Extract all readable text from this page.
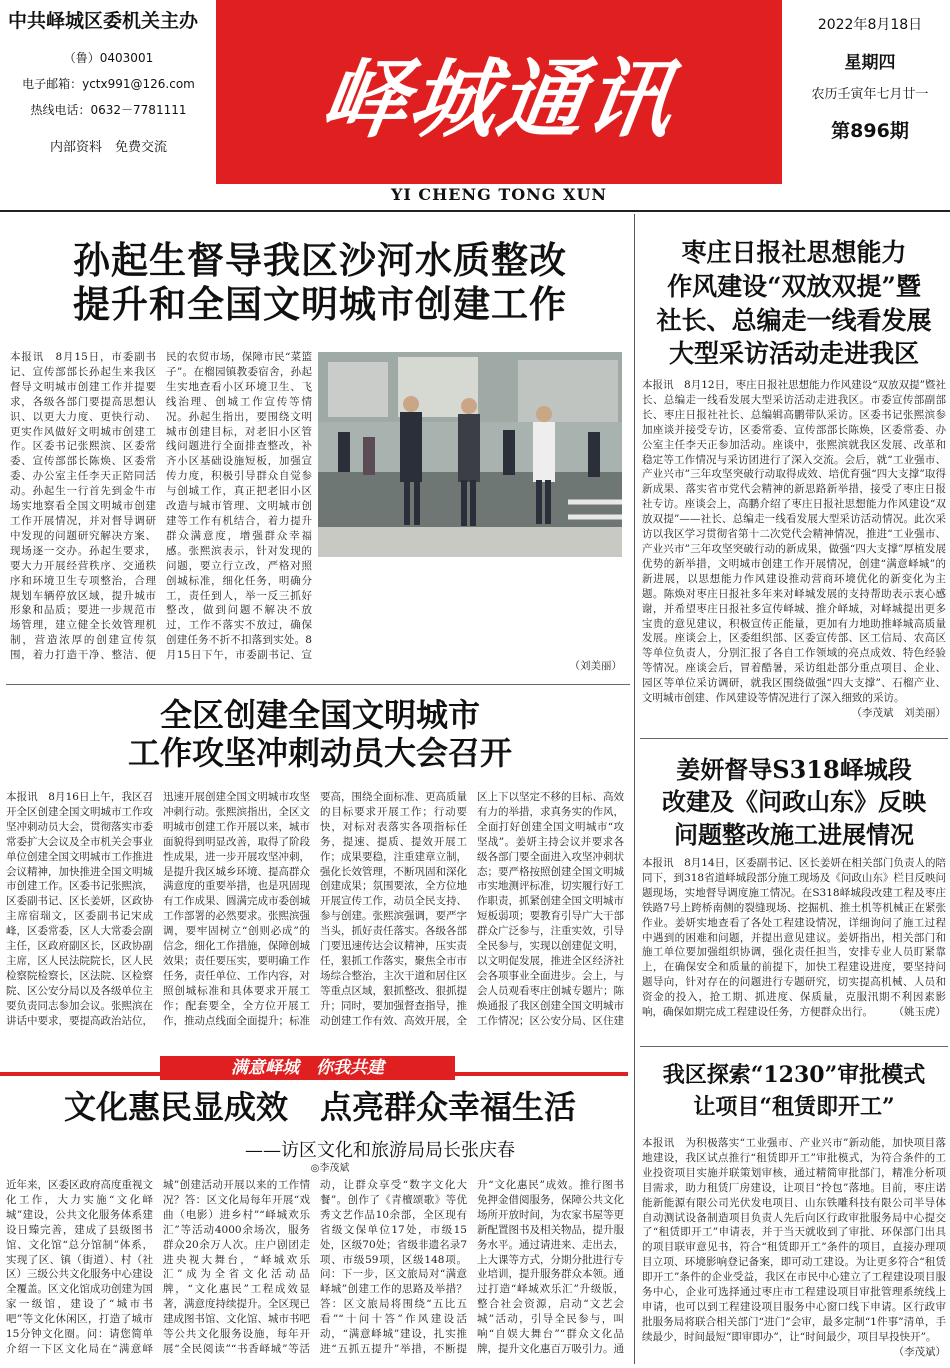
中共峄城区委机关主办
（鲁）0403001
电子邮箱：yctx991@126.com
热线电话：0632－7781111
内部资料　免费交流	峄城通讯
YI CHENG TONG XUN
2022年8月18日
星期四
农历壬寅年七月廿一
第896期
孙起生督导我区沙河水质整改
提升和全国文明城市创建工作
本报讯　8月15日，市委副书记、宣传部部长孙起生来我区督导文明城市创建工作并提要求，各级各部门要提高思想认识、以更大力度、更快行动、更实作风做好文明城市创建工作。区委书记张熙滨、区委常委、宣传部部长陈焕、区委常委、办公室主任李天正陪同活动。孙起生一行首先到金牛市场实地察看全国文明城市创建工作开展情况，并对督导调研中发现的问题研究解决方案、现场逐一交办。孙起生要求，要大力开展经营秩序、交通秩序和环境卫生专项整治，合理规划车辆停放区域，提升城市形象和品质；要进一步规范市场管理，建立健全长效管理机制，营造浓厚的创建宣传氛围，着力打造干净、整洁、便民的农贸市场，保障市民“菜篮子”。在榴园镇教委宿舍，孙起生实地查看小区环境卫生、飞线治理、创城工作宣传等情况。孙起生指出，要围绕文明城市创建目标，对老旧小区管线问题进行全面排查整改，补齐小区基础设施短板，加强宣传力度，积极引导群众自觉参与创城工作，真正把老旧小区改造与城市管理、文明城市创建等工作有机结合，着力提升群众满意度，增强群众幸福感。张熙滨表示，针对发现的问题，要立行立改，严格对照创城标准，细化任务，明确分工，责任到人，举一反三抓好整改，做到问题不解决不放过，工作不落实不放过，确保创建任务不折不扣落到实处。8月15日下午，市委副书记、宣
（刘美丽）
全区创建全国文明城市
工作攻坚冲刺动员大会召开
本报讯　8月16日上午，我区召开全区创建全国文明城市工作攻坚冲刺动员大会，贯彻落实市委常委扩大会议及全市机关会事业单位创建全国文明城市工作推进会议精神，加快推进全国文明城市创建工作。区委书记张熙滨，区委副书记、区长姜妍，区政协主席宿瑞文，区委副书记宋成峰，区委常委，区人大常委会副主任，区政府副区长，区政协副主席，区人民法院院长，区人民检察院检察长，区法院、区检察院、区公安分局以及各级单位主要负责同志参加会议。张熙滨在讲话中要求，要提高政治站位，迅速开展创建全国文明城市攻坚冲刺行动。张熙滨指出，全区文明城市创建工作开展以来，城市面貌得到明显改善，取得了阶段性成果，进一步开展攻坚冲刺，是提升我区城乡环境、提高群众满意度的重要举措，也是巩固现有工作成果、圆满完成市委创城工作部署的必然要求。张熙滨强调，要牢固树立“创则必成”的信念，细化工作措施，保障创城效果；责任要压实，要明确工作任务，责任单位、工作内容，对照创城标准和具体要求开展工作；配套要全，全方位开展工作，推动点线面全面提升；标准要高，围绕全面标准、更高质量的目标要求开展工作；行动要快，对标对表落实各项指标任务，提速、提质、提效开展工作；成果要稳，注重建章立制，强化长效管理，不断巩固和深化创建成果；氛围要浓，全方位地开展宣传工作，动员全民支持、参与创建。张熙滨强调，要严字当头，抓好责任落实。各级各部门要迅速传达会议精神，压实责任，狠抓工作落实，聚焦全市市场综合整治，主次干道和居住区等重点区域，狠抓整改、狠抓提升；同时，要加强督查指导，推动创建工作有效、高效开展，全区上下以坚定不移的目标、高效有力的举措，求真务实的作风，全面打好创建全国文明城市“攻坚战”。姜妍主持会议并要求各级各部门要全面进入攻坚冲刺状态；要严格按照创建全国文明城市实地测评标准，切实履行好工作职责，抓紧创建全国文明城市短板弱项；要教育引导广大干部群众广泛参与，注重实效，引导全民参与，实现以创建促文明，以文明促发展，推进全区经济社会各项事业全面进步。会上，与会人员观看枣庄创城专题片；陈焕通报了我区创建全国文明城市工作情况；区公安分局、区住建
满意峄城　你我共建
文化惠民显成效　点亮群众幸福生活
——访区文化和旅游局局长张庆春
◎李茂斌
近年来，区委区政府高度重视文化工作，大力实施“文化峄城”建设，公共文化服务体系建设日臻完善，建成了县级图书馆、文化馆“总分馆制”体系，实现了区、镇（街道）、村（社区）三级公共文化服务中心建设全覆盖。区文化馆成功创建为国家一级馆，建设了“城市书吧”等文化休闲区，打造了城市15分钟文化圈。问：请您简单介绍一下区文化局在“满意峄城”创建活动开展以来的工作情况？答：区文化局每年开展“戏曲（电影）进乡村”“峄城欢乐汇”等活动4000余场次，服务群众20余万人次。庄户剧团走进央视大舞台，“峄城欢乐汇”成为全省文化活动品牌，“文化惠民”工程成效显著，满意度持续提升。全区现已建成图书馆、文化馆、城市书吧等公共文化服务设施，每年开展“全民阅读”“书香峄城”等活动，让群众享受“数字文化大餐”。创作了《青檀颂歌》等优秀文艺作品10余部，全区现有省级文保单位17处，市级15处，区级70处；省级非遗名录7项、市级59项，区级148项。问：下一步，区文旅局对“满意峄城”创建工作的思路及举措？答：区文旅局将围绕“五比五看”“十问十答”作风建设活动，“满意峄城”建设，扎实推进“五抓五提升”举措，不断提升“文化惠民”成效。推行图书免押金借阅服务，保障公共文化场所开放时间，为农家书屋等更新配置图书及相关物品，提升服务水平。通过请进来、走出去，上大课等方式，分期分批进行专业培训，提升服务群众本领。通过打造“峄城欢乐汇”升级版，整合社会资源，启动“文艺会城”活动，引导全民参与，叫响“自娱大舞台”“群众文化品牌，提升文化惠百万吸引力。通
枣庄日报社思想能力
作风建设“双放双提”暨
社长、总编走一线看发展
大型采访活动走进我区
本报讯　8月12日，枣庄日报社思想能力作风建设“双放双提”暨社长、总编走一线看发展大型采访活动走进我区。市委宣传部副部长、枣庄日报社社长、总编辑高鹏带队采访。区委书记张熙滨参加座谈并接受专访，区委常委、宣传部部长陈焕，区委常委、办公室主任李天正参加活动。座谈中，张熙滨就我区发展、改革和稳定等工作情况与采访团进行了深入交流。会后，就“工业强市、产业兴市”三年攻坚突破行动取得成效、培优育强“四大支撑”取得新成果、落实省市党代会精神的新思路新举措，接受了枣庄日报社专访。座谈会上，高鹏介绍了枣庄日报社思想能力作风建设“双放双提”——社长、总编走一线看发展大型采访活动情况。此次采访以我区学习贯彻省第十二次党代会精神情况，推进“工业强市、产业兴市”三年攻坚突破行动的新成果，做强“四大支撑”厚植发展优势的新举措，文明城市创建工作开展情况，创建“满意峄城”的新进展，以思想能力作风建设推动营商环境优化的新变化为主题。陈焕对枣庄日报社多年来对峄城发展的支持帮助表示衷心感谢，并希望枣庄日报社多宣传峄城、推介峄城，对峄城提出更多宝贵的意见建议，积极宣传正能量，更加有力地助推峄城高质量发展。座谈会上，区委组织部、区委宣传部、区工信局、农高区等单位负责人，分别汇报了各自工作领域的亮点成效、特色经验等情况。座谈会后，冒着酷暑，采访组赴部分重点项目、企业、园区等单位采访调研，就我区围绕做强“四大支撑”、石榴产业、文明城市创建、作风建设等情况进行了深入细致的采访。
（李茂斌　刘美丽）
姜妍督导S318峄城段
改建及《问政山东》反映
问题整改施工进展情况
本报讯　8月14日，区委副书记、区长姜妍在相关部门负责人的陪同下，到318省道峄城段部分施工现场及《问政山东》栏目反映问题现场，实地督导调度施工情况。在S318峄城段改建工程及枣庄铁路7号上跨桥南侧的裂缝现场、挖掘机、推土机等机械正在紧张作业。姜妍实地查看了各处工程建设情况，详细询问了施工过程中遇到的困难和问题，并提出意见建议。姜妍指出，相关部门和施工单位要加强组织协调，强化责任担当，安排专业人员盯紧靠上，在确保安全和质量的前提下，加快工程建设进度，要坚持问题导向，针对存在的问题进行专题研究，切实提高机械、人员和资金的投入，抢工期、抓进度、保质量，克服汛期不利因素影响，确保如期完成工程建设任务，方便群众出行。 （姚玉虎）
我区探索“1230”审批模式
让项目“租赁即开工”
本报讯　为积极落实“工业强市、产业兴市”新动能，加快项目落地建设，我区试点推行“租赁即开工”审批模式，为符合条件的工业投资项目实施并联策划审核，通过精简审批部门，精准分析项目需求，助力租赁厂房建设，让项目“拎包”落地。目前，枣庄诺能新能源有限公司光伏发电项目、山东铁雕科技有限公司半导体自动测试设备制造项目负责人先后向区行政审批服务局中心提交了“租赁即开工”申请表，并于当天就收到了审批、环保部门出具的项目联审意见书，符合“租赁即开工”条件的项目，直接办理项目立项、环境影响登记备案，即可动工建设。为让更多符合“租赁即开工”条件的企业受益，我区在市民中心建立了工程建设项目服务中心，企业可选择通过枣庄市工程建设项目审批管理系统线上申请，也可以到工程建设项目服务中心窗口线下申请。区行政审批服务局将联合相关部门“进门”会审，最多定制“1件事”清单，手续最少，时间最短“即审即办”，让“时间最少，项目早投快开”。
（李茂斌）
